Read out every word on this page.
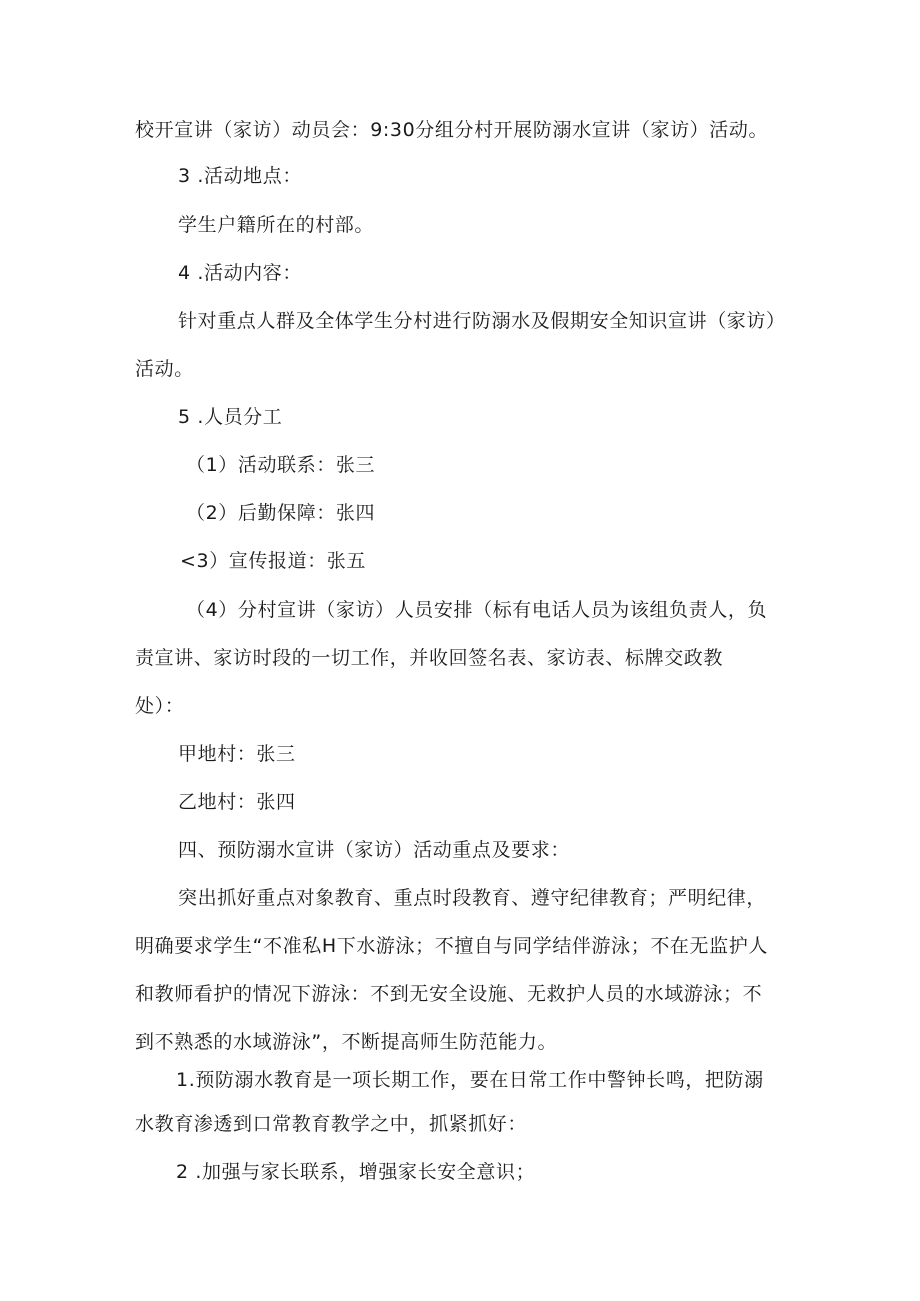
校开宣讲（家访）动员会：9:30分组分村开展防溺水宣讲（家访）活动。
3 .活动地点：
学生户籍所在的村部。
4 .活动内容：
针对重点人群及全体学生分村进行防溺水及假期安全知识宣讲（家访）
活动。
5 .人员分工
（1）活动联系：张三
（2）后勤保障：张四
<3）宣传报道：张五
（4）分村宣讲（家访）人员安排（标有电话人员为该组负责人，负
责宣讲、家访时段的一切工作，并收回签名表、家访表、标牌交政教
处）：
甲地村：张三
乙地村：张四
四、预防溺水宣讲（家访）活动重点及要求：
突出抓好重点对象教育、重点时段教育、遵守纪律教育；严明纪律，
明确要求学生“不准私H下水游泳；不擅自与同学结伴游泳；不在无监护人
和教师看护的情况下游泳：不到无安全设施、无救护人员的水域游泳；不
到不熟悉的水域游泳”，不断提高师生防范能力。
1.预防溺水教育是一项长期工作，要在日常工作中警钟长鸣，把防溺
水教育渗透到口常教育教学之中，抓紧抓好：
2 .加强与家长联系，增强家长安全意识；
